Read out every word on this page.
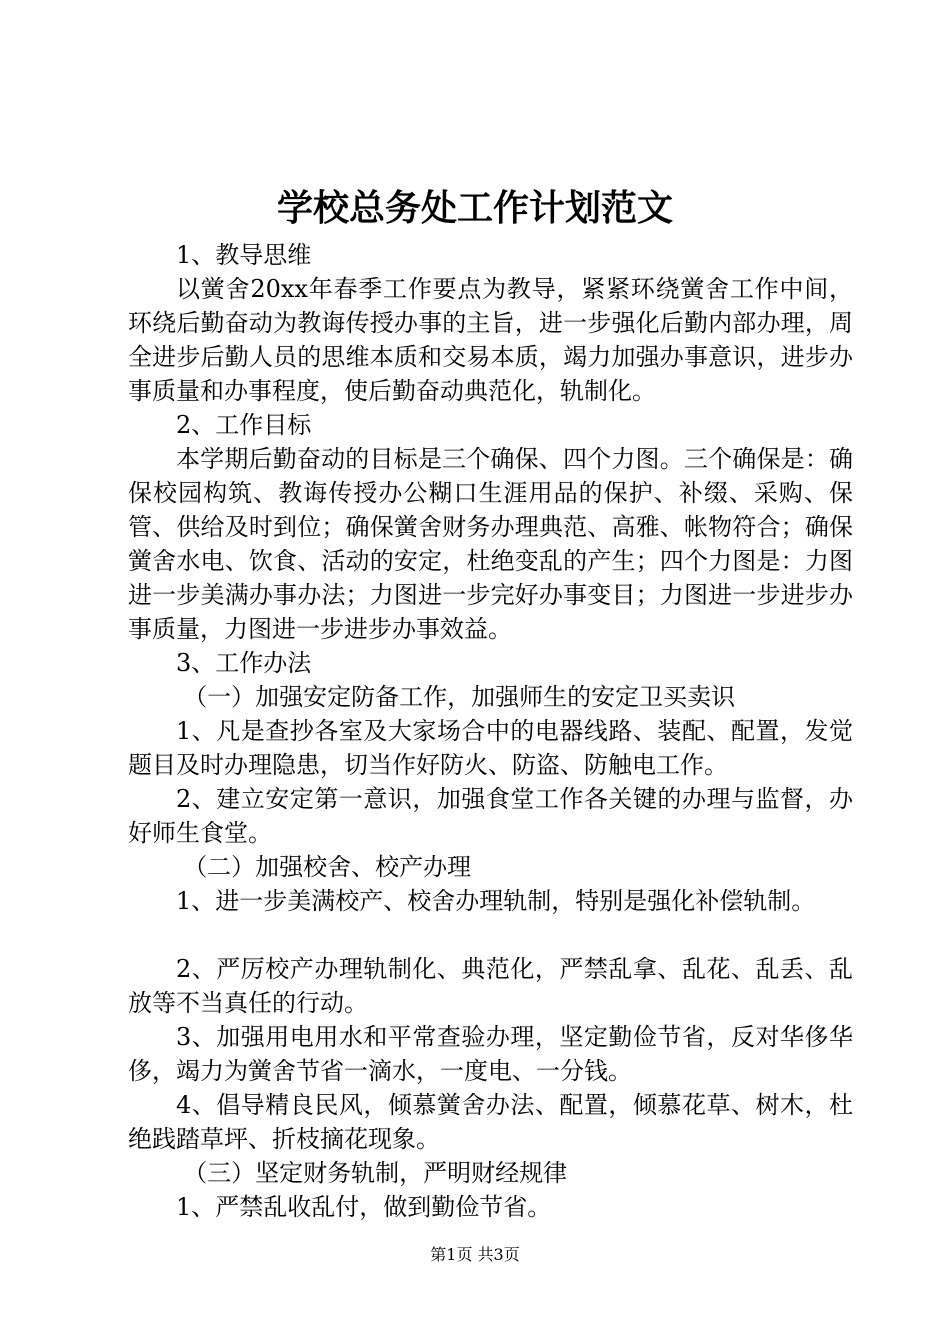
学校总务处工作计划范文

1、教导思维

以黉舍20xx年春季工作要点为教导，紧紧环绕黉舍工作中间，环绕后勤奋动为教诲传授办事的主旨，进一步强化后勤内部办理，周全进步后勤人员的思维本质和交易本质，竭力加强办事意识，进步办事质量和办事程度，使后勤奋动典范化，轨制化。

2、工作目标

本学期后勤奋动的目标是三个确保、四个力图。三个确保是：确保校园构筑、教诲传授办公糊口生涯用品的保护、补缀、采购、保管、供给及时到位；确保黉舍财务办理典范、高雅、帐物符合；确保黉舍水电、饮食、活动的安定，杜绝变乱的产生；四个力图是：力图进一步美满办事办法；力图进一步完好办事变目；力图进一步进步办事质量，力图进一步进步办事效益。

3、工作办法

（一）加强安定防备工作，加强师生的安定卫买卖识

1、凡是查抄各室及大家场合中的电器线路、装配、配置，发觉题目及时办理隐患，切当作好防火、防盗、防触电工作。

2、建立安定第一意识，加强食堂工作各关键的办理与监督，办好师生食堂。

（二）加强校舍、校产办理

1、进一步美满校产、校舍办理轨制，特别是强化补偿轨制。

2、严厉校产办理轨制化、典范化，严禁乱拿、乱花、乱丢、乱放等不当真任的行动。

3、加强用电用水和平常查验办理，坚定勤俭节省，反对华侈华侈，竭力为黉舍节省一滴水，一度电、一分钱。

4、倡导精良民风，倾慕黉舍办法、配置，倾慕花草、树木，杜绝践踏草坪、折枝摘花现象。

（三）坚定财务轨制，严明财经规律

1、严禁乱收乱付，做到勤俭节省。

第1页 共3页
